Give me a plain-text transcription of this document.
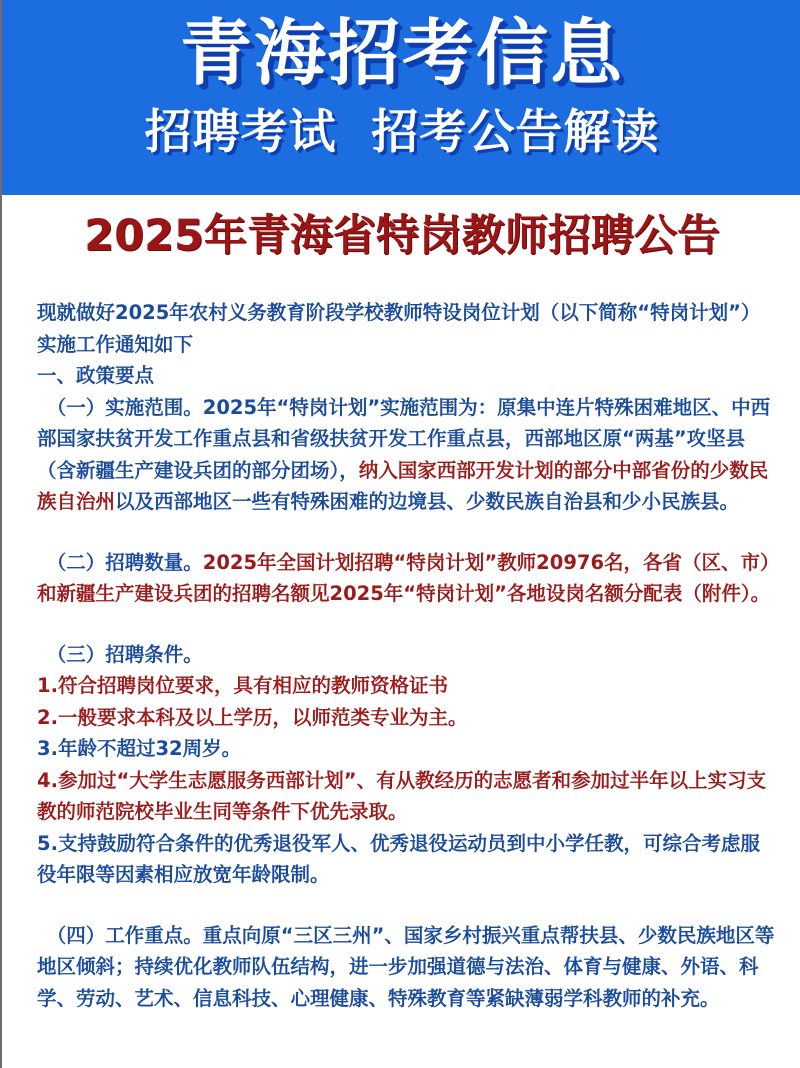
青海招考信息
招聘考试  招考公告解读
2025年青海省特岗教师招聘公告

现就做好2025年农村义务教育阶段学校教师特设岗位计划（以下简称“特岗计划”）实施工作通知如下

一、政策要点

　（一）实施范围。2025年“特岗计划”实施范围为：原集中连片特殊困难地区、中西部国家扶贫开发工作重点县和省级扶贫开发工作重点县，西部地区原“两基”攻坚县（含新疆生产建设兵团的部分团场），纳入国家西部开发计划的部分中部省份的少数民族自治州以及西部地区一些有特殊困难的边境县、少数民族自治县和少小民族县。

　（二）招聘数量。2025年全国计划招聘“特岗计划”教师20976名，各省（区、市）和新疆生产建设兵团的招聘名额见2025年“特岗计划”各地设岗名额分配表（附件）。

　（三）招聘条件。

1.符合招聘岗位要求，具有相应的教师资格证书

2.一般要求本科及以上学历，以师范类专业为主。

3.年龄不超过32周岁。

4.参加过“大学生志愿服务西部计划”、有从教经历的志愿者和参加过半年以上实习支教的师范院校毕业生同等条件下优先录取。

5.支持鼓励符合条件的优秀退役军人、优秀退役运动员到中小学任教，可综合考虑服役年限等因素相应放宽年龄限制。

　（四）工作重点。重点向原“三区三州”、国家乡村振兴重点帮扶县、少数民族地区等地区倾斜；持续优化教师队伍结构，进一步加强道德与法治、体育与健康、外语、科学、劳动、艺术、信息科技、心理健康、特殊教育等紧缺薄弱学科教师的补充。
